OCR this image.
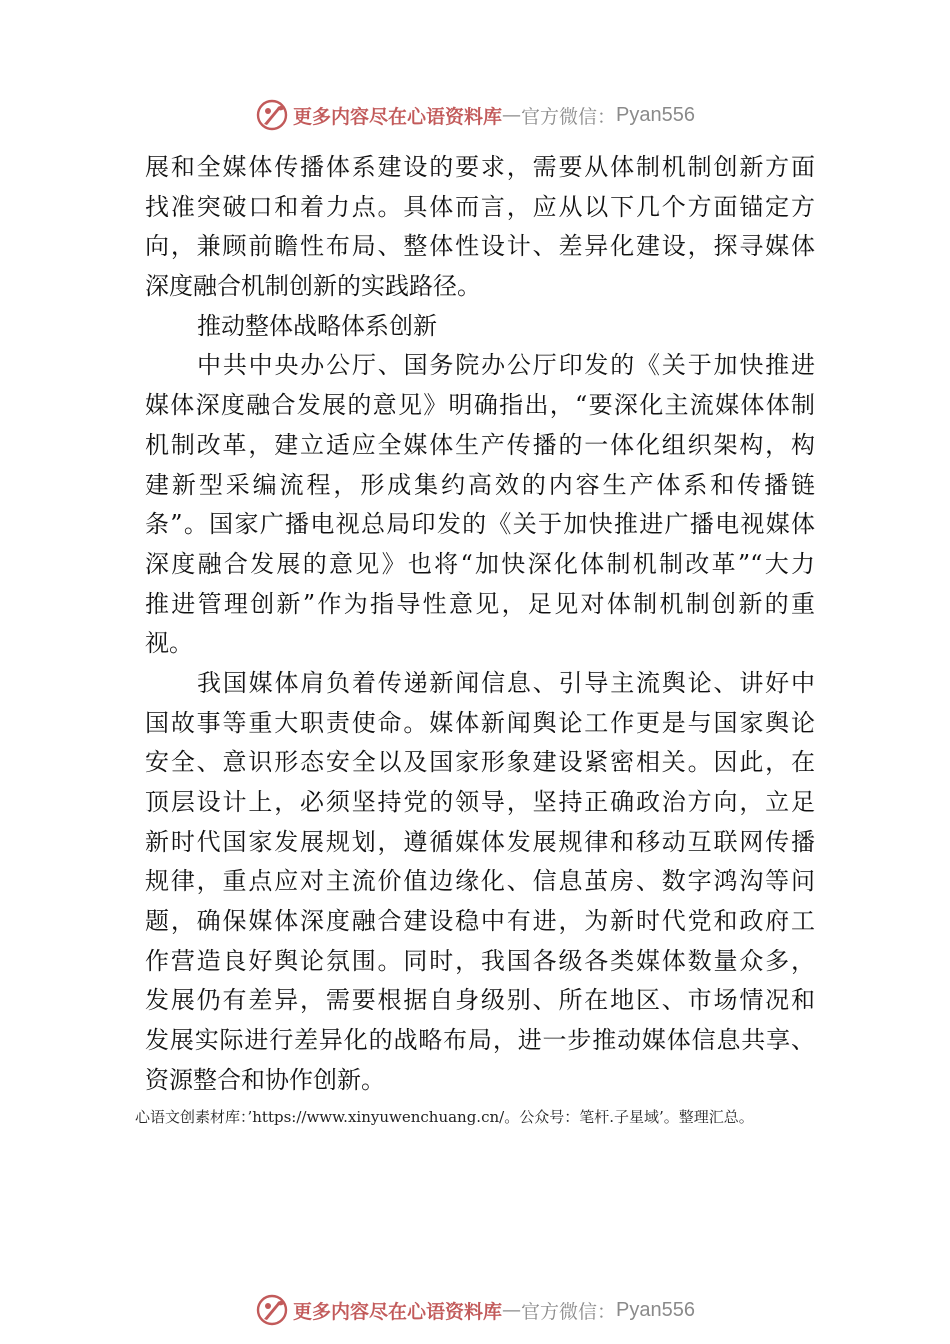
更多内容尽在心语资料库 — 官方微信： Pyan556
展和全媒体传播体系建设的要求，需要从体制机制创新方面
找准突破口和着力点。具体而言，应从以下几个方面锚定方
向，兼顾前瞻性布局、整体性设计、差异化建设，探寻媒体
深度融合机制创新的实践路径。
推动整体战略体系创新
中共中央办公厅、国务院办公厅印发的《关于加快推进
媒体深度融合发展的意见》明确指出，“要深化主流媒体体制
机制改革，建立适应全媒体生产传播的一体化组织架构，构
建新型采编流程，形成集约高效的内容生产体系和传播链
条”。国家广播电视总局印发的《关于加快推进广播电视媒体
深度融合发展的意见》也将“加快深化体制机制改革”“大力
推进管理创新”作为指导性意见，足见对体制机制创新的重
视。
我国媒体肩负着传递新闻信息、引导主流舆论、讲好中
国故事等重大职责使命。媒体新闻舆论工作更是与国家舆论
安全、意识形态安全以及国家形象建设紧密相关。因此，在
顶层设计上，必须坚持党的领导，坚持正确政治方向，立足
新时代国家发展规划，遵循媒体发展规律和移动互联网传播
规律，重点应对主流价值边缘化、信息茧房、数字鸿沟等问
题，确保媒体深度融合建设稳中有进，为新时代党和政府工
作营造良好舆论氛围。同时，我国各级各类媒体数量众多，
发展仍有差异，需要根据自身级别、所在地区、市场情况和
发展实际进行差异化的战略布局，进一步推动媒体信息共享、
资源整合和协作创新。
心语文创素材库：’https://www.xinyuwenchuang.cn/。公众号：笔杆.子星域’。整理汇总。
更多内容尽在心语资料库 — 官方微信： Pyan556
